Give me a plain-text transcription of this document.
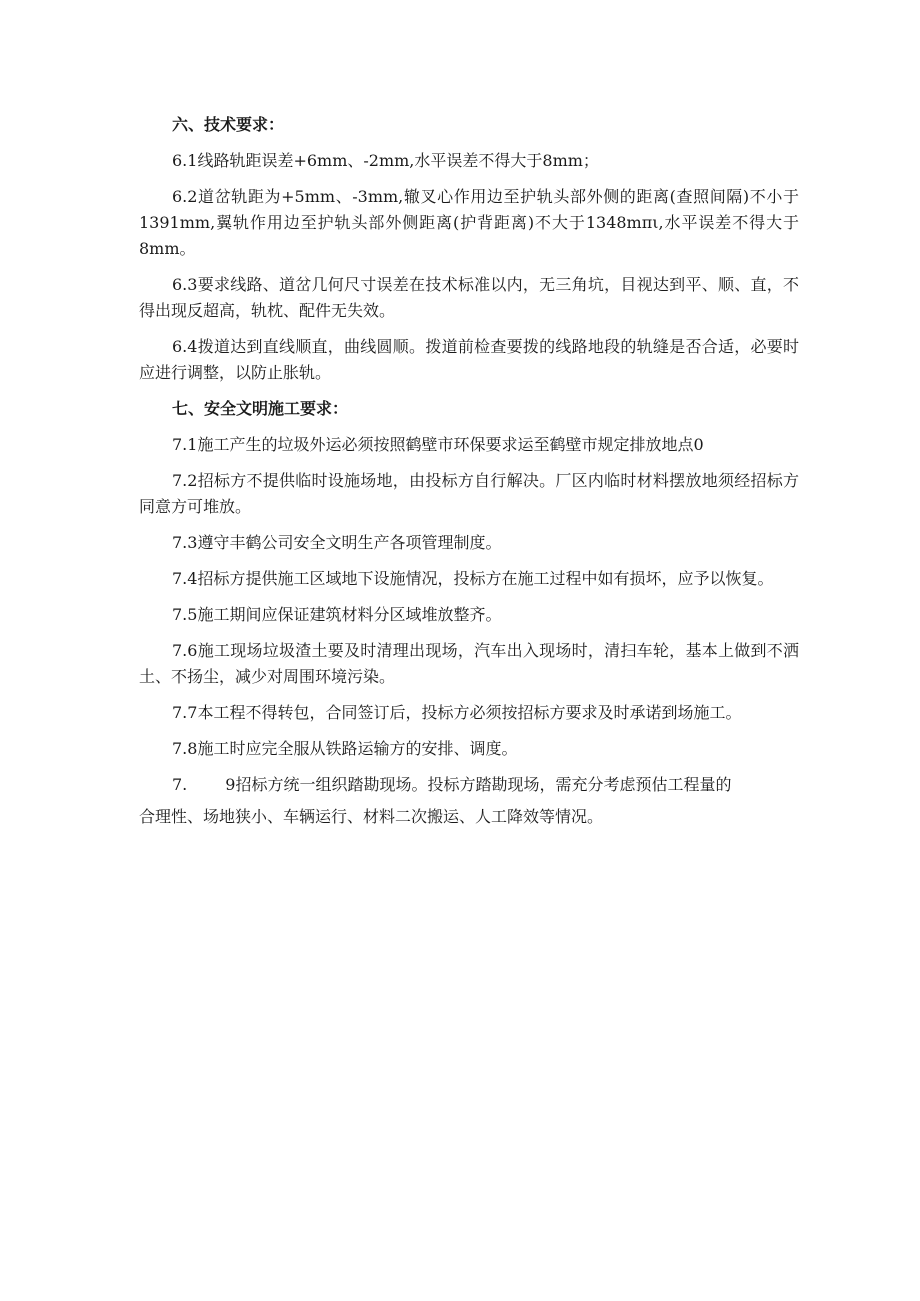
六、技术要求：

6.1线路轨距误差+6mm、-2mm,水平误差不得大于8mm；

6.2道岔轨距为+5mm、-3mm,辙叉心作用边至护轨头部外侧的距离(查照间隔)不小于1391mm,翼轨作用边至护轨头部外侧距离(护背距离)不大于1348mπι,水平误差不得大于8mm。

6.3要求线路、道岔几何尺寸误差在技术标准以内，无三角坑，目视达到平、顺、直，不得出现反超高，轨枕、配件无失效。

6.4拨道达到直线顺直，曲线圆顺。拨道前检查要拨的线路地段的轨缝是否合适，必要时应进行调整，以防止胀轨。

七、安全文明施工要求：

7.1施工产生的垃圾外运必须按照鹤壁市环保要求运至鹤壁市规定排放地点0

7.2招标方不提供临时设施场地，由投标方自行解决。厂区内临时材料摆放地须经招标方同意方可堆放。

7.3遵守丰鹤公司安全文明生产各项管理制度。

7.4招标方提供施工区域地下设施情况，投标方在施工过程中如有损坏，应予以恢复。

7.5施工期间应保证建筑材料分区域堆放整齐。

7.6施工现场垃圾渣土要及时清理出现场，汽车出入现场时，清扫车轮，基本上做到不洒土、不扬尘，减少对周围环境污染。

7.7本工程不得转包，合同签订后，投标方必须按招标方要求及时承诺到场施工。

7.8施工时应完全服从铁路运输方的安排、调度。

7. 9招标方统一组织踏勘现场。投标方踏勘现场，需充分考虑预估工程量的

合理性、场地狭小、车辆运行、材料二次搬运、人工降效等情况。
